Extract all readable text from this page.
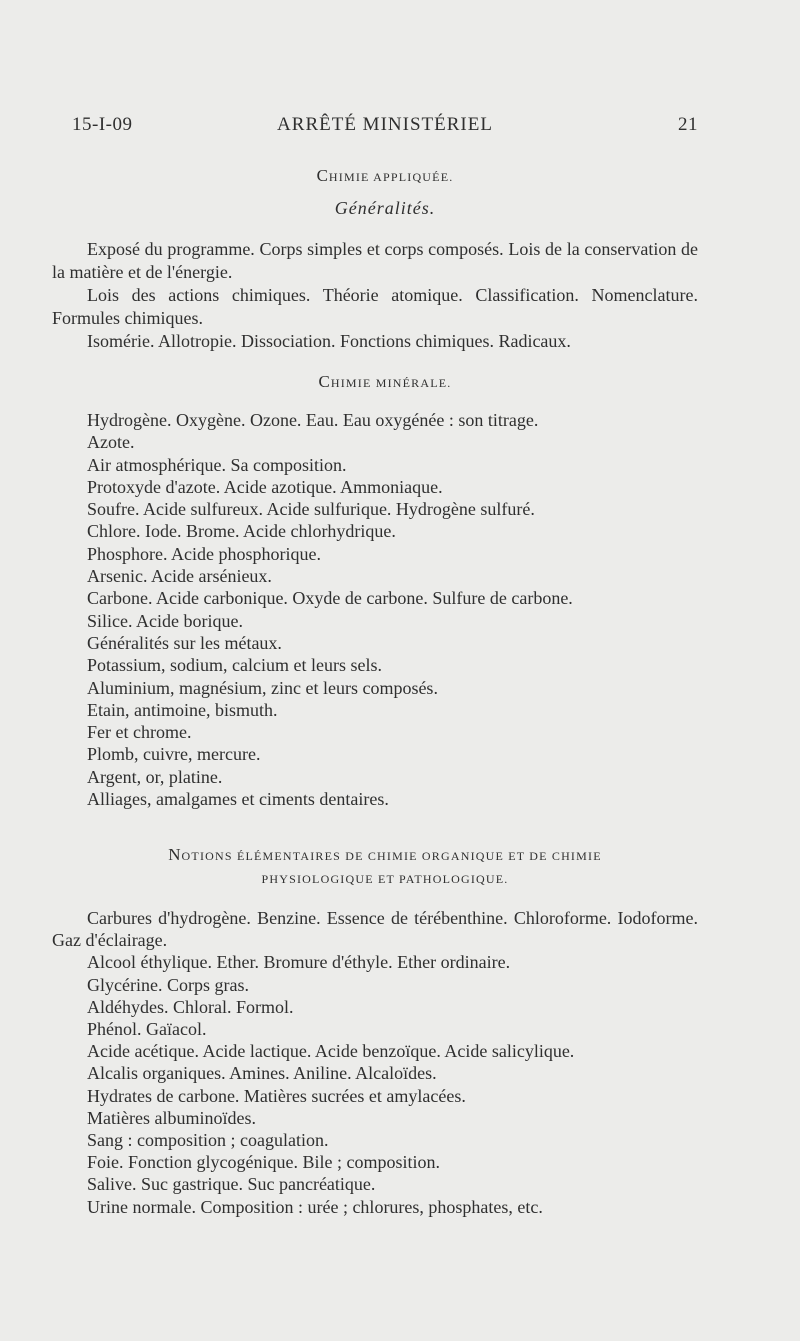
15-I-09	ARRÊTÉ MINISTÉRIEL	21
CHIMIE APPLIQUÉE.
Généralités.

Exposé du programme. Corps simples et corps composés. Lois de la conservation de la matière et de l'énergie.

Lois des actions chimiques. Théorie atomique. Classification. Nomenclature. Formules chimiques.

Isomérie. Allotropie. Dissociation. Fonctions chimiques. Radicaux.

CHIMIE MINÉRALE.

Hydrogène. Oxygène. Ozone. Eau. Eau oxygénée : son titrage.

Azote.

Air atmosphérique. Sa composition.

Protoxyde d'azote. Acide azotique. Ammoniaque.

Soufre. Acide sulfureux. Acide sulfurique. Hydrogène sulfuré.

Chlore. Iode. Brome. Acide chlorhydrique.

Phosphore. Acide phosphorique.

Arsenic. Acide arsénieux.

Carbone. Acide carbonique. Oxyde de carbone. Sulfure de carbone.

Silice. Acide borique.

Généralités sur les métaux.

Potassium, sodium, calcium et leurs sels.

Aluminium, magnésium, zinc et leurs composés.

Etain, antimoine, bismuth.

Fer et chrome.

Plomb, cuivre, mercure.

Argent, or, platine.

Alliages, amalgames et ciments dentaires.

NOTIONS ÉLÉMENTAIRES DE CHIMIE ORGANIQUE ET DE CHIMIE
PHYSIOLOGIQUE ET PATHOLOGIQUE.

Carbures d'hydrogène. Benzine. Essence de térébenthine. Chloroforme. Iodoforme. Gaz d'éclairage.

Alcool éthylique. Ether. Bromure d'éthyle. Ether ordinaire.

Glycérine. Corps gras.

Aldéhydes. Chloral. Formol.

Phénol. Gaïacol.

Acide acétique. Acide lactique. Acide benzoïque. Acide salicylique.

Alcalis organiques. Amines. Aniline. Alcaloïdes.

Hydrates de carbone. Matières sucrées et amylacées.

Matières albuminoïdes.

Sang : composition ; coagulation.

Foie. Fonction glycogénique. Bile ; composition.

Salive. Suc gastrique. Suc pancréatique.

Urine normale. Composition : urée ; chlorures, phosphates, etc.
